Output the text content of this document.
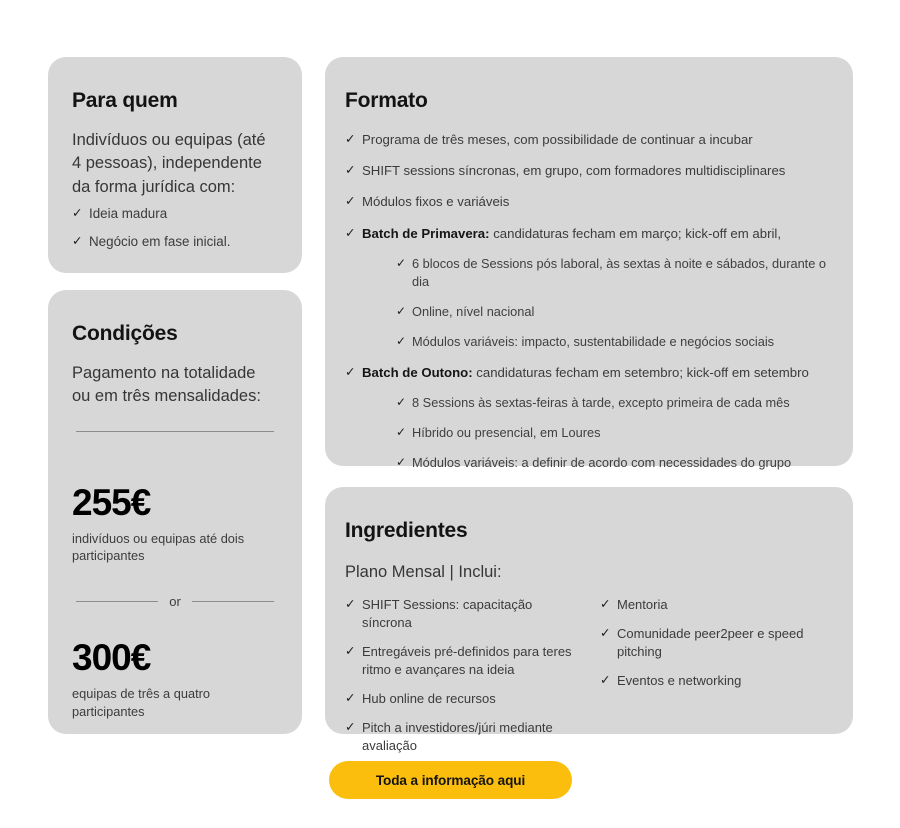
Para quem

Indivíduos ou equipas (até 4 pessoas), independente da forma jurídica com:

✓ Ideia madura
✓ Negócio em fase inicial.
Condições

Pagamento na totalidade ou em três mensalidades:

255€
indivíduos ou equipas até dois participantes
or
300€
equipas de três a quatro participantes
Formato
✓ Programa de três meses, com possibilidade de continuar a incubar
✓ SHIFT sessions síncronas, em grupo, com formadores multidisciplinares
✓ Módulos fixos e variáveis
✓ Batch de Primavera: candidaturas fecham em março; kick-off em abril,
✓ 6 blocos de Sessions pós laboral, às sextas à noite e sábados, durante o dia
✓ Online, nível nacional
✓ Módulos variáveis: impacto, sustentabilidade e negócios sociais
✓ Batch de Outono: candidaturas fecham em setembro; kick-off em setembro
✓ 8 Sessions às sextas-feiras à tarde, excepto primeira de cada mês
✓ Híbrido ou presencial, em Loures
✓ Módulos variáveis: a definir de acordo com necessidades do grupo
Ingredientes

Plano Mensal | Inclui:

✓ SHIFT Sessions: capacitação síncrona
✓ Entregáveis pré-definidos para teres ritmo e avançares na ideia
✓ Hub online de recursos
✓ Pitch a investidores/júri mediante avaliação
✓ Mentoria
✓ Comunidade peer2peer e speed pitching
✓ Eventos e networking
Toda a informação aqui
